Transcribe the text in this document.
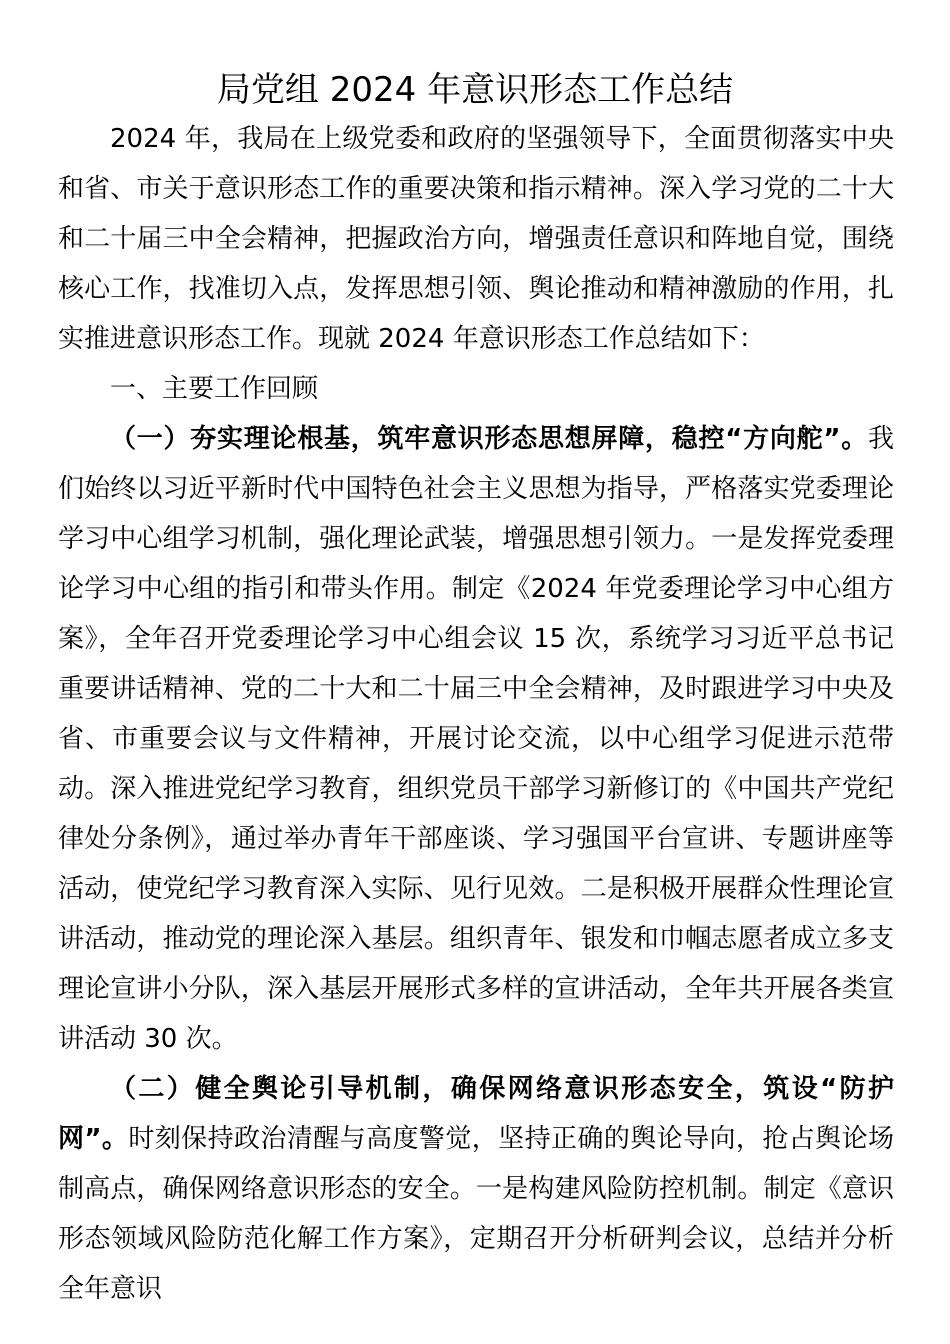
局党组 2024 年意识形态工作总结

2024 年，我局在上级党委和政府的坚强领导下，全面贯彻落实中央和省、市关于意识形态工作的重要决策和指示精神。深入学习党的二十大和二十届三中全会精神，把握政治方向，增强责任意识和阵地自觉，围绕核心工作，找准切入点，发挥思想引领、舆论推动和精神激励的作用，扎实推进意识形态工作。现就 2024 年意识形态工作总结如下：

一、主要工作回顾

（一）夯实理论根基，筑牢意识形态思想屏障，稳控“方向舵”。我们始终以习近平新时代中国特色社会主义思想为指导，严格落实党委理论学习中心组学习机制，强化理论武装，增强思想引领力。一是发挥党委理论学习中心组的指引和带头作用。制定《2024 年党委理论学习中心组方案》，全年召开党委理论学习中心组会议 15 次，系统学习习近平总书记重要讲话精神、党的二十大和二十届三中全会精神，及时跟进学习中央及省、市重要会议与文件精神，开展讨论交流，以中心组学习促进示范带动。深入推进党纪学习教育，组织党员干部学习新修订的《中国共产党纪律处分条例》，通过举办青年干部座谈、学习强国平台宣讲、专题讲座等活动，使党纪学习教育深入实际、见行见效。二是积极开展群众性理论宣讲活动，推动党的理论深入基层。组织青年、银发和巾帼志愿者成立多支理论宣讲小分队，深入基层开展形式多样的宣讲活动，全年共开展各类宣讲活动 30 次。

（二）健全舆论引导机制，确保网络意识形态安全，筑设“防护网”。时刻保持政治清醒与高度警觉，坚持正确的舆论导向，抢占舆论场制高点，确保网络意识形态的安全。一是构建风险防控机制。制定《意识形态领域风险防范化解工作方案》，定期召开分析研判会议，总结并分析全年意识
